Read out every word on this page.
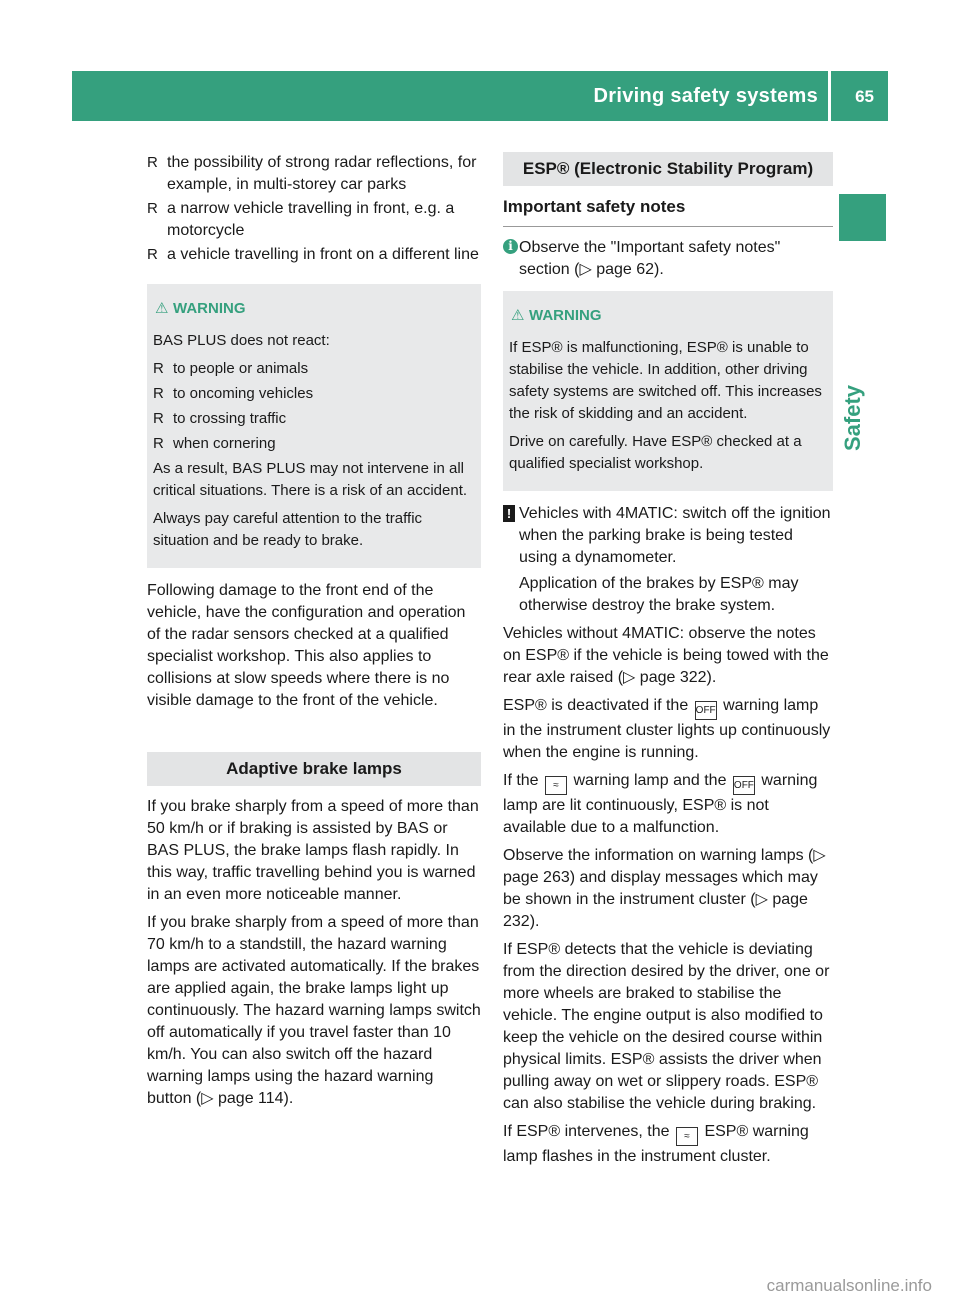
Driving safety systems 65
Safety
R the possibility of strong radar reflections, for example, in multi-storey car parks
R a narrow vehicle travelling in front, e.g. a motorcycle
R a vehicle travelling in front on a different line
⚠ WARNING

BAS PLUS does not react:

R to people or animals
R to oncoming vehicles
R to crossing traffic
R when cornering

As a result, BAS PLUS may not intervene in all critical situations. There is a risk of an accident.

Always pay careful attention to the traffic situation and be ready to brake.

Following damage to the front end of the vehicle, have the configuration and operation of the radar sensors checked at a qualified specialist workshop. This also applies to collisions at slow speeds where there is no visible damage to the front of the vehicle.

Adaptive brake lamps

If you brake sharply from a speed of more than 50 km/h or if braking is assisted by BAS or BAS PLUS, the brake lamps flash rapidly. In this way, traffic travelling behind you is warned in an even more noticeable manner.

If you brake sharply from a speed of more than 70 km/h to a standstill, the hazard warning lamps are activated automatically. If the brakes are applied again, the brake lamps light up continuously. The hazard warning lamps switch off automatically if you travel faster than 10 km/h. You can also switch off the hazard warning lamps using the hazard warning button (▷ page 114).

ESP® (Electronic Stability Program)
Important safety notes
i Observe the "Important safety notes" section (▷ page 62).
⚠ WARNING

If ESP® is malfunctioning, ESP® is unable to stabilise the vehicle. In addition, other driving safety systems are switched off. This increases the risk of skidding and an accident.

Drive on carefully. Have ESP® checked at a qualified specialist workshop.

! Vehicles with 4MATIC: switch off the ignition when the parking brake is being tested using a dynamometer.

Application of the brakes by ESP® may otherwise destroy the brake system.

Vehicles without 4MATIC: observe the notes on ESP® if the vehicle is being towed with the rear axle raised (▷ page 322).

ESP® is deactivated if the OFF warning lamp in the instrument cluster lights up continuously when the engine is running.

If the ≈ warning lamp and the OFF warning lamp are lit continuously, ESP® is not available due to a malfunction.

Observe the information on warning lamps (▷ page 263) and display messages which may be shown in the instrument cluster (▷ page 232).

If ESP® detects that the vehicle is deviating from the direction desired by the driver, one or more wheels are braked to stabilise the vehicle. The engine output is also modified to keep the vehicle on the desired course within physical limits. ESP® assists the driver when pulling away on wet or slippery roads. ESP® can also stabilise the vehicle during braking.

If ESP® intervenes, the ≈ ESP® warning lamp flashes in the instrument cluster.

carmanualsonline.info
